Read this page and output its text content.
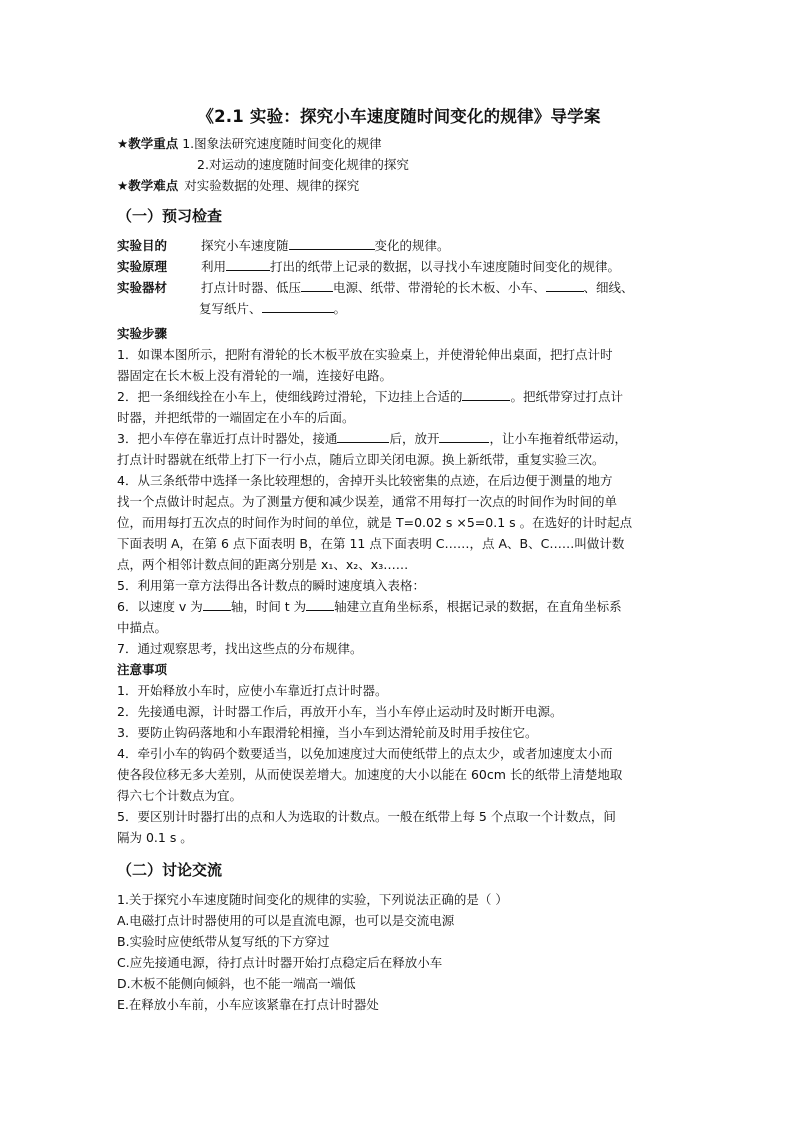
《2.1 实验：探究小车速度随时间变化的规律》导学案
★教学重点 1.图象法研究速度随时间变化的规律
2.对运动的速度随时间变化规律的探究
★教学难点 对实验数据的处理、规律的探究
（一）预习检查
实验目的	探究小车速度随	变化的规律。
实验原理	利用	打出的纸带上记录的数据，以寻找小车速度随时间变化的规律。
实验器材	打点计时器、低压	电源、纸带、带滑轮的长木板、小车、	、细线、
复写纸片、	。

实验步骤

1．如课本图所示，把附有滑轮的长木板平放在实验桌上，并使滑轮伸出桌面，把打点计时

器固定在长木板上没有滑轮的一端，连接好电路。

2．把一条细线拴在小车上，使细线跨过滑轮，下边挂上合适的	。把纸带穿过打点计

时器，并把纸带的一端固定在小车的后面。

3．把小车停在靠近打点计时器处，接通	后，放开	，让小车拖着纸带运动，

打点计时器就在纸带上打下一行小点，随后立即关闭电源。换上新纸带，重复实验三次。

4．从三条纸带中选择一条比较理想的，舍掉开头比较密集的点迹，在后边便于测量的地方

找一个点做计时起点。为了测量方便和减少误差，通常不用每打一次点的时间作为时间的单

位，而用每打五次点的时间作为时间的单位，就是 T=0.02 s ×5=0.1 s 。在选好的计时起点

下面表明 A，在第 6 点下面表明 B，在第 11 点下面表明 C……，点 A、B、C……叫做计数

点，两个相邻计数点间的距离分别是 x₁、x₂、x₃……

5．利用第一章方法得出各计数点的瞬时速度填入表格：

6．以速度 v 为 轴，时间 t 为 轴建立直角坐标系，根据记录的数据，在直角坐标系

中描点。

7．通过观察思考，找出这些点的分布规律。

注意事项

1．开始释放小车时，应使小车靠近打点计时器。

2．先接通电源，计时器工作后，再放开小车，当小车停止运动时及时断开电源。

3．要防止钩码落地和小车跟滑轮相撞，当小车到达滑轮前及时用手按住它。

4．牵引小车的钩码个数要适当，以免加速度过大而使纸带上的点太少，或者加速度太小而

使各段位移无多大差别，从而使误差增大。加速度的大小以能在 60cm 长的纸带上清楚地取

得六七个计数点为宜。

5．要区别计时器打出的点和人为选取的计数点。一般在纸带上每 5 个点取一个计数点，间

隔为 0.1 s 。

（二）讨论交流

1.关于探究小车速度随时间变化的规律的实验，下列说法正确的是（ ）

A.电磁打点计时器使用的可以是直流电源，也可以是交流电源

B.实验时应使纸带从复写纸的下方穿过

C.应先接通电源，待打点计时器开始打点稳定后在释放小车

D.木板不能侧向倾斜，也不能一端高一端低

E.在释放小车前，小车应该紧靠在打点计时器处
